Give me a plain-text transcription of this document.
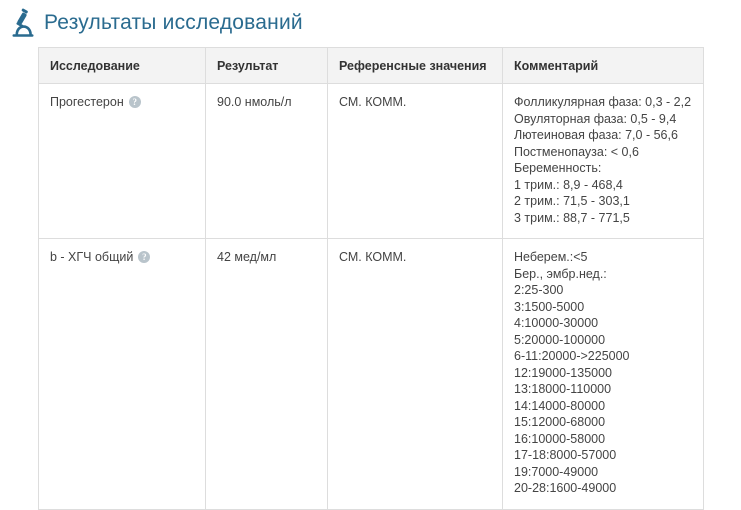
Результаты исследований
Исследование	Результат	Референсные значения	Комментарий
Прогестерон ?	90.0 нмоль/л	СМ. КОММ.	Фолликулярная фаза: 0,3 - 2,2
Овуляторная фаза: 0,5 - 9,4
Лютеиновая фаза: 7,0 - 56,6
Постменопауза: < 0,6
Беременность:
1 трим.: 8,9 - 468,4
2 трим.: 71,5 - 303,1
3 трим.: 88,7 - 771,5

b - ХГЧ общий ?	42 мед/мл	СМ. КОММ.	Неберем.:<5
Бер., эмбр.нед.:
2:25-300
3:1500-5000
4:10000-30000
5:20000-100000
6-11:20000->225000
12:19000-135000
13:18000-110000
14:14000-80000
15:12000-68000
16:10000-58000
17-18:8000-57000
19:7000-49000
20-28:1600-49000
